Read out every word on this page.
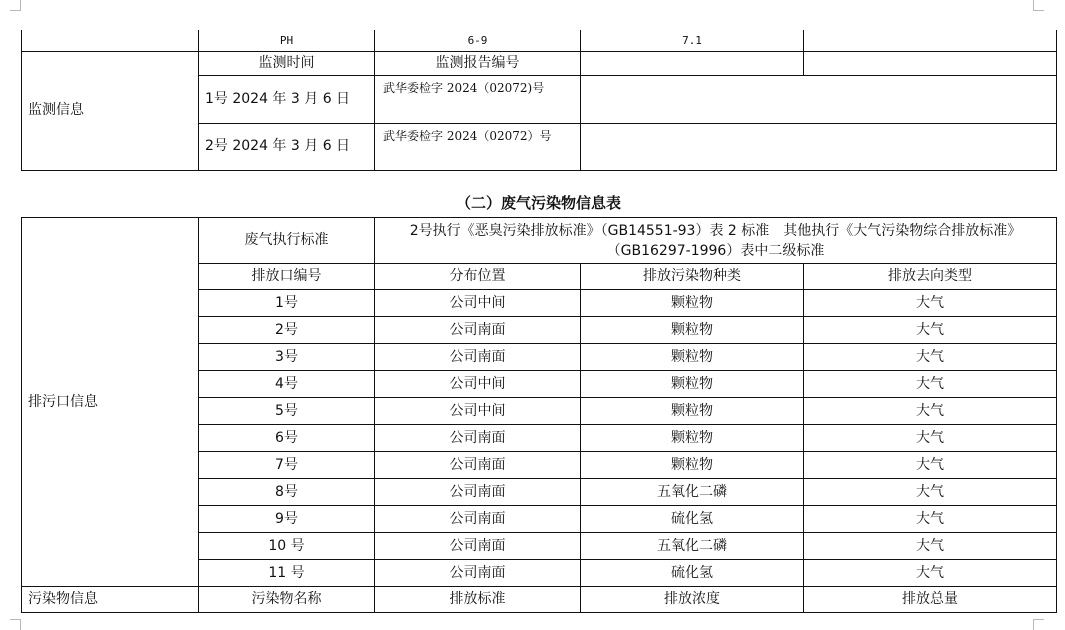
	PH	6-9	7.1	
监测信息	监测时间	监测报告编号		
	1号 2024 年 3 月 6 日	武华委检字 2024（02072)号		
	2号 2024 年 3 月 6 日	武华委检字 2024（02072）号		
（二）废气污染物信息表
排污口信息	废气执行标准	2号执行《恶臭污染排放标准》（GB14551-93）表 2 标准　其他执行《大气污染物综合排放标准》（GB16297-1996）表中二级标准		
	排放口编号	分布位置	排放污染物种类	排放去向类型
	1号	公司中间	颗粒物	大气
	2号	公司南面	颗粒物	大气
	3号	公司南面	颗粒物	大气
	4号	公司中间	颗粒物	大气
	5号	公司中间	颗粒物	大气
	6号	公司南面	颗粒物	大气
	7号	公司南面	颗粒物	大气
	8号	公司南面	五氧化二磷	大气
	9号	公司南面	硫化氢	大气
	10 号	公司南面	五氧化二磷	大气
	11 号	公司南面	硫化氢	大气
污染物信息	污染物名称	排放标准	排放浓度	排放总量
